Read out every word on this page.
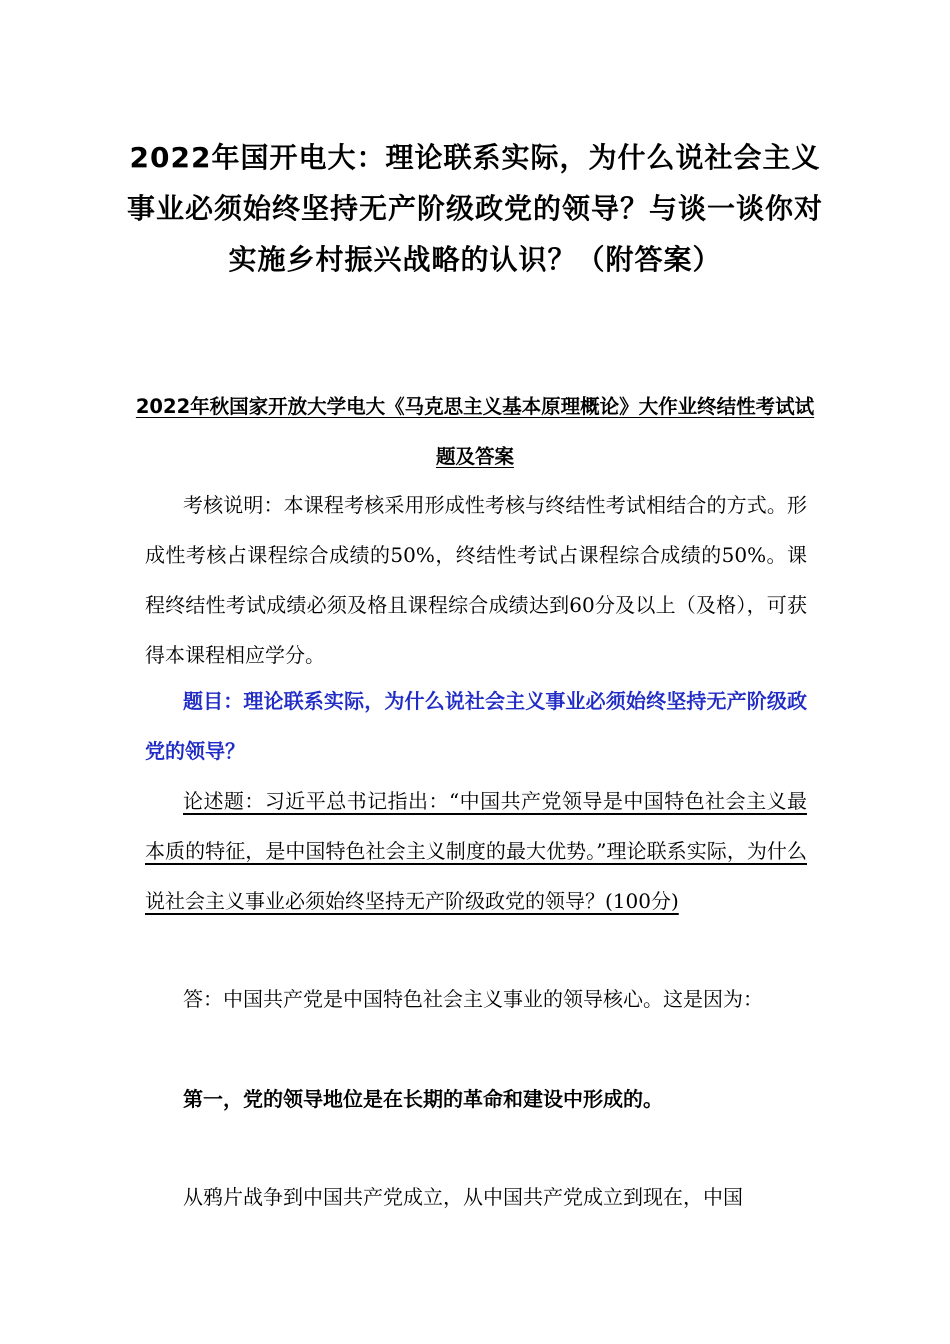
2022年国开电大：理论联系实际，为什么说社会主义事业必须始终坚持无产阶级政党的领导？与谈一谈你对实施乡村振兴战略的认识？（附答案）
2022年秋国家开放大学电大《马克思主义基本原理概论》大作业终结性考试试题及答案

考核说明：本课程考核采用形成性考核与终结性考试相结合的方式。形成性考核占课程综合成绩的50%，终结性考试占课程综合成绩的50%。课程终结性考试成绩必须及格且课程综合成绩达到60分及以上（及格），可获得本课程相应学分。

题目：理论联系实际，为什么说社会主义事业必须始终坚持无产阶级政党的领导？

论述题：习近平总书记指出：“中国共产党领导是中国特色社会主义最本质的特征，是中国特色社会主义制度的最大优势。”理论联系实际，为什么说社会主义事业必须始终坚持无产阶级政党的领导？(100分)

答：中国共产党是中国特色社会主义事业的领导核心。这是因为：

第一，党的领导地位是在长期的革命和建设中形成的。

从鸦片战争到中国共产党成立，从中国共产党成立到现在，中国
